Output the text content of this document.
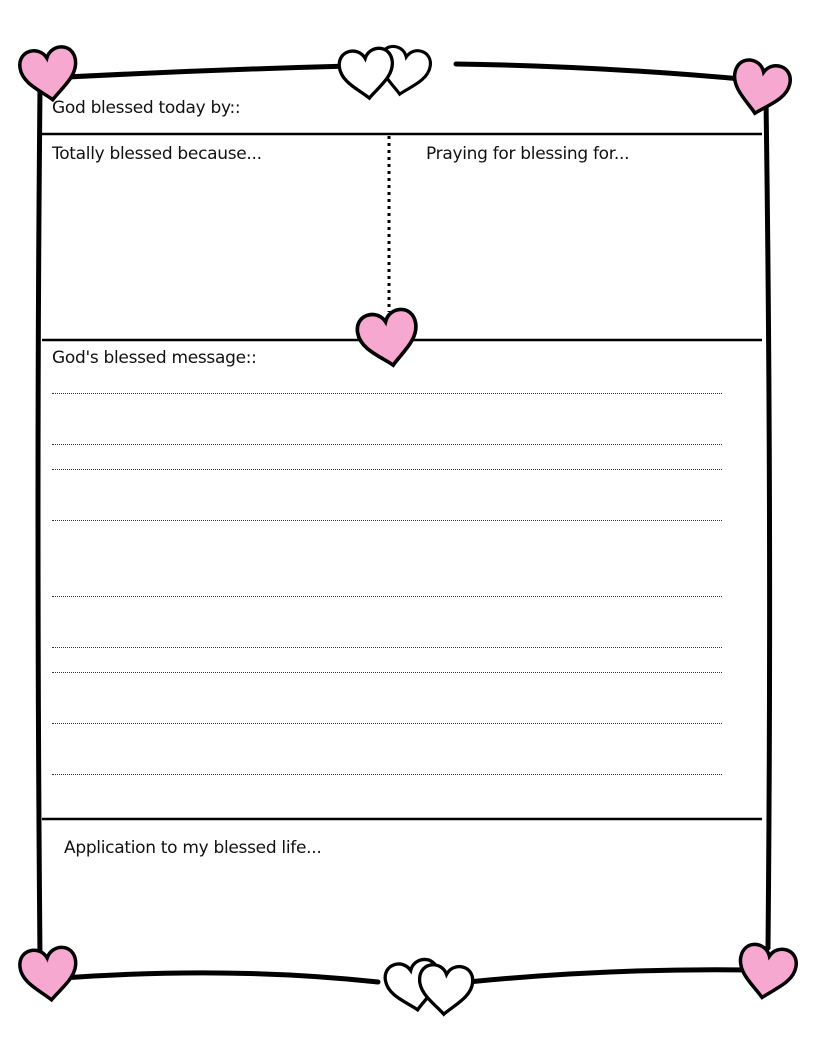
God blessed today by::
Totally blessed because...	Praying for blessing for...
God's blessed message::
Application to my blessed life...
